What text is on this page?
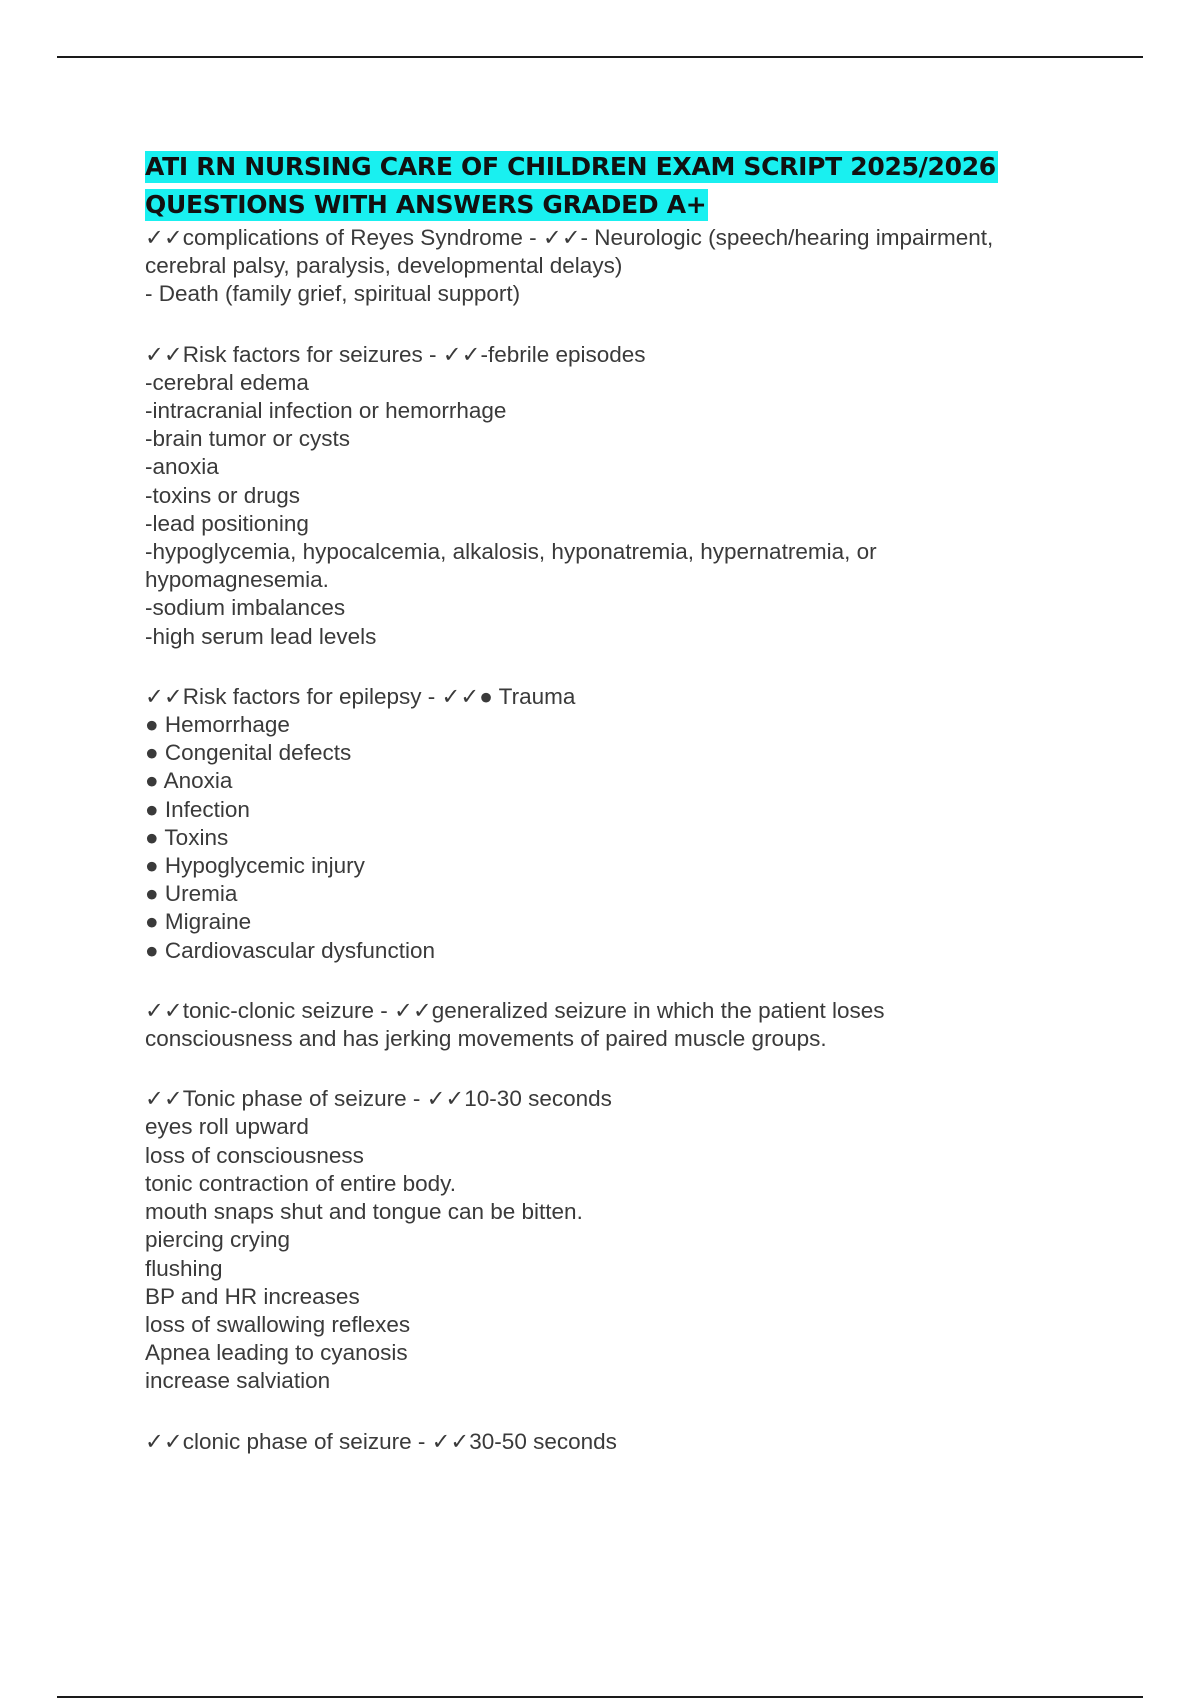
ATI RN NURSING CARE OF CHILDREN EXAM SCRIPT 2025/2026
QUESTIONS WITH ANSWERS GRADED A+
✓✓complications of Reyes Syndrome - ✓✓- Neurologic (speech/hearing impairment,
cerebral palsy, paralysis, developmental delays)
- Death (family grief, spiritual support)
✓✓Risk factors for seizures - ✓✓-febrile episodes
-cerebral edema
-intracranial infection or hemorrhage
-brain tumor or cysts
-anoxia
-toxins or drugs
-lead positioning
-hypoglycemia, hypocalcemia, alkalosis, hyponatremia, hypernatremia, or
hypomagnesemia.
-sodium imbalances
-high serum lead levels
✓✓Risk factors for epilepsy - ✓✓● Trauma
● Hemorrhage
● Congenital defects
● Anoxia
● Infection
● Toxins
● Hypoglycemic injury
● Uremia
● Migraine
● Cardiovascular dysfunction
✓✓tonic-clonic seizure - ✓✓generalized seizure in which the patient loses
consciousness and has jerking movements of paired muscle groups.
✓✓Tonic phase of seizure - ✓✓10-30 seconds
eyes roll upward
loss of consciousness
tonic contraction of entire body.
mouth snaps shut and tongue can be bitten.
piercing crying
flushing
BP and HR increases
loss of swallowing reflexes
Apnea leading to cyanosis
increase salviation
✓✓clonic phase of seizure - ✓✓30-50 seconds
